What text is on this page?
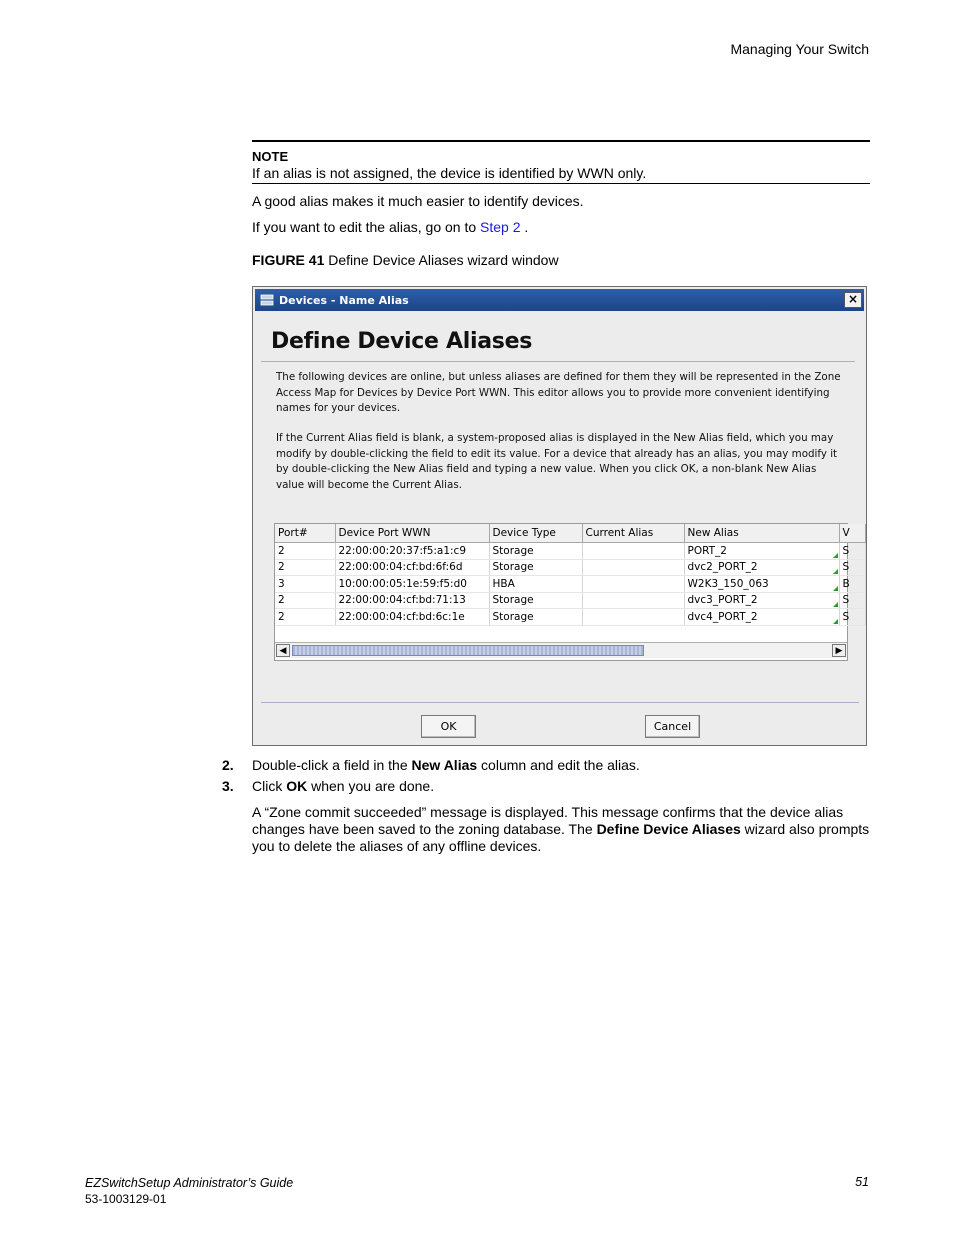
Managing Your Switch
NOTE
If an alias is not assigned, the device is identified by WWN only.
A good alias makes it much easier to identify devices.
If you want to edit the alias, go on to Step 2 .
FIGURE 41 Define Device Aliases wizard window
Devices - Name Alias	×
Define Device Aliases
The following devices are online, but unless aliases are defined for them they will be represented in the Zone Access Map for Devices by Device Port WWN. This editor allows you to provide more convenient identifying names for your devices.
If the Current Alias field is blank, a system-proposed alias is displayed in the New Alias field, which you may modify by double-clicking the field to edit its value. For a device that already has an alias, you may modify it by double-clicking the New Alias field and typing a new value. When you click OK, a non-blank New Alias value will become the Current Alias.
Port#	Device Port WWN	Device Type	Current Alias	New Alias	V
2	22:00:00:20:37:f5:a1:c9	Storage		PORT_2	S
2	22:00:00:04:cf:bd:6f:6d	Storage		dvc2_PORT_2	S
3	10:00:00:05:1e:59:f5:d0	HBA		W2K3_150_063	B
2	22:00:00:04:cf:bd:71:13	Storage		dvc3_PORT_2	S
2	22:00:00:04:cf:bd:6c:1e	Storage		dvc4_PORT_2	S
◀	▶
OK	Cancel
2. Double-click a field in the New Alias column and edit the alias.
3. Click OK when you are done.
A “Zone commit succeeded” message is displayed. This message confirms that the device alias changes have been saved to the zoning database. The Define Device Aliases wizard also prompts you to delete the aliases of any offline devices.
EZSwitchSetup Administrator’s Guide
53-1003129-01
51
